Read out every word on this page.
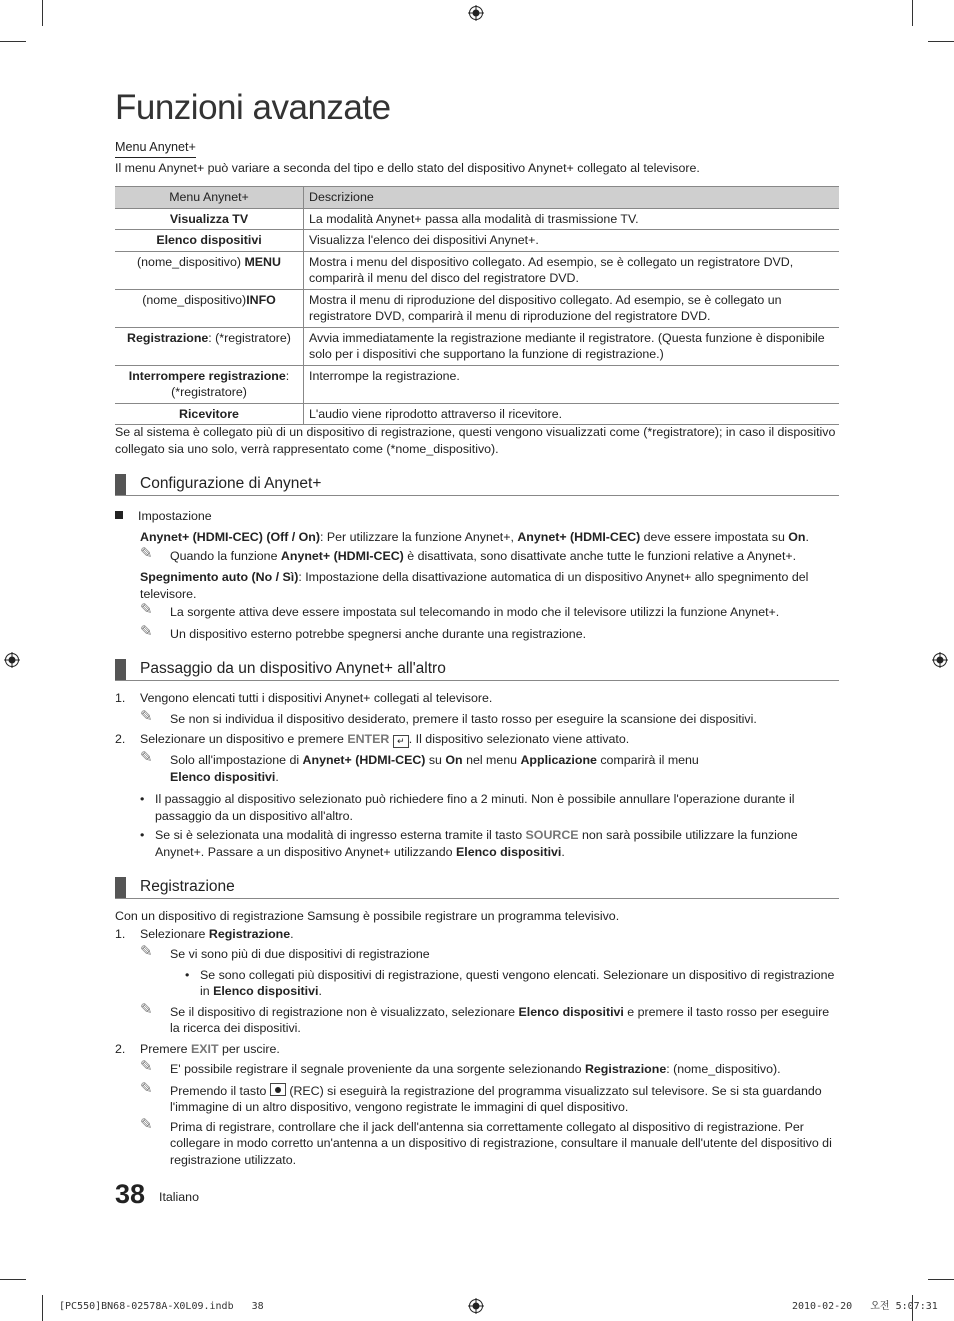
Funzioni avanzate
Menu Anynet+
Il menu Anynet+ può variare a seconda del tipo e dello stato del dispositivo Anynet+ collegato al televisore.
Menu Anynet+	Descrizione
Visualizza TV	La modalità Anynet+ passa alla modalità di trasmissione TV.
Elenco dispositivi	Visualizza l'elenco dei dispositivi Anynet+.
(nome_dispositivo) MENU	Mostra i menu del dispositivo collegato. Ad esempio, se è collegato un registratore DVD, comparirà il menu del disco del registratore DVD.
(nome_dispositivo)INFO	Mostra il menu di riproduzione del dispositivo collegato. Ad esempio, se è collegato un registratore DVD, comparirà il menu di riproduzione del registratore DVD.
Registrazione: (*registratore)	Avvia immediatamente la registrazione mediante il registratore. (Questa funzione è disponibile solo per i dispositivi che supportano la funzione di registrazione.)
Interrompere registrazione: (*registratore)	Interrompe la registrazione.
Ricevitore	L'audio viene riprodotto attraverso il ricevitore.
Se al sistema è collegato più di un dispositivo di registrazione, questi vengono visualizzati come (*registratore); in caso il dispositivo collegato sia uno solo, verrà rappresentato come (*nome_dispositivo).
Configurazione di Anynet+
Impostazione
Anynet+ (HDMI-CEC) (Off / On): Per utilizzare la funzione Anynet+, Anynet+ (HDMI-CEC) deve essere impostata su On.
✎ Quando la funzione Anynet+ (HDMI-CEC) è disattivata, sono disattivate anche tutte le funzioni relative a Anynet+.
Spegnimento auto (No / Sì): Impostazione della disattivazione automatica di un dispositivo Anynet+ allo spegnimento del televisore.
✎ La sorgente attiva deve essere impostata sul telecomando in modo che il televisore utilizzi la funzione Anynet+.
✎ Un dispositivo esterno potrebbe spegnersi anche durante una registrazione.
Passaggio da un dispositivo Anynet+ all'altro
1. Vengono elencati tutti i dispositivi Anynet+ collegati al televisore.
✎ Se non si individua il dispositivo desiderato, premere il tasto rosso per eseguire la scansione dei dispositivi.
2. Selezionare un dispositivo e premere ENTER ↵ . Il dispositivo selezionato viene attivato.
✎ Solo all'impostazione di Anynet+ (HDMI-CEC) su On nel menu Applicazione comparirà il menu
Elenco dispositivi.
• Il passaggio al dispositivo selezionato può richiedere fino a 2 minuti. Non è possibile annullare l'operazione durante il passaggio da un dispositivo all'altro.
• Se si è selezionata una modalità di ingresso esterna tramite il tasto SOURCE non sarà possibile utilizzare la funzione Anynet+. Passare a un dispositivo Anynet+ utilizzando Elenco dispositivi.
Registrazione
Con un dispositivo di registrazione Samsung è possibile registrare un programma televisivo.
1. Selezionare Registrazione.
✎ Se vi sono più di due dispositivi di registrazione
• Se sono collegati più dispositivi di registrazione, questi vengono elencati. Selezionare un dispositivo di registrazione in Elenco dispositivi.
✎ Se il dispositivo di registrazione non è visualizzato, selezionare Elenco dispositivi e premere il tasto rosso per eseguire la ricerca dei dispositivi.
2. Premere EXIT per uscire.
✎ E' possibile registrare il segnale proveniente da una sorgente selezionando Registrazione: (nome_dispositivo).
✎ Premendo il tasto  (REC) si eseguirà la registrazione del programma visualizzato sul televisore. Se si sta guardando l'immagine di un altro dispositivo, vengono registrate le immagini di quel dispositivo.
✎ Prima di registrare, controllare che il jack dell'antenna sia correttamente collegato al dispositivo di registrazione. Per collegare in modo corretto un'antenna a un dispositivo di registrazione, consultare il manuale dell'utente del dispositivo di registrazione utilizzato.
38 Italiano
[PC550]BN68-02578A-X0L09.indb   38	2010-02-20   오전 5:07:31
